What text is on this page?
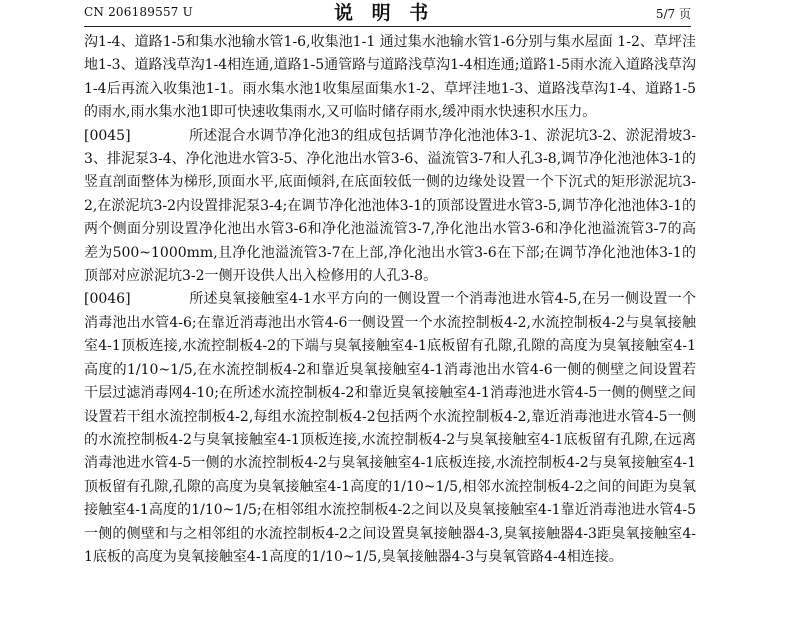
CN 206189557 U	说 明 书	5/7 页

沟1-4、道路1-5和集水池输水管1-6,收集池1-1 通过集水池输水管1-6分别与集水屋面 1-2、草坪洼地1-3、道路浅草沟1-4相连通,道路1-5通管路与道路浅草沟1-4相连通;道路1-5雨水流入道路浅草沟1-4后再流入收集池1-1。雨水集水池1收集屋面集水1-2、草坪洼地1-3、道路浅草沟1-4、道路1-5的雨水,雨水集水池1即可快速收集雨水,又可临时储存雨水,缓冲雨水快速积水压力。

[0045]	所述混合水调节净化池3的组成包括调节净化池池体3-1、淤泥坑3-2、淤泥滑坡3-3、排泥泵3-4、净化池进水管3-5、净化池出水管3-6、溢流管3-7和人孔3-8,调节净化池池体3-1的竖直剖面整体为梯形,顶面水平,底面倾斜,在底面较低一侧的边缘处设置一个下沉式的矩形淤泥坑3-2,在淤泥坑3-2内设置排泥泵3-4;在调节净化池池体3-1的顶部设置进水管3-5,调节净化池池体3-1的两个侧面分别设置净化池出水管3-6和净化池溢流管3-7,净化池出水管3-6和净化池溢流管3-7的高差为500~1000mm,且净化池溢流管3-7在上部,净化池出水管3-6在下部;在调节净化池池体3-1的顶部对应淤泥坑3-2一侧开设供人出入检修用的人孔3-8。

[0046]	所述臭氧接触室4-1水平方向的一侧设置一个消毒池进水管4-5,在另一侧设置一个消毒池出水管4-6;在靠近消毒池出水管4-6一侧设置一个水流控制板4-2,水流控制板4-2与臭氧接触室4-1顶板连接,水流控制板4-2的下端与臭氧接触室4-1底板留有孔隙,孔隙的高度为臭氧接触室4-1高度的1/10~1/5,在水流控制板4-2和靠近臭氧接触室4-1消毒池出水管4-6一侧的侧壁之间设置若干层过滤消毒网4-10;在所述水流控制板4-2和靠近臭氧接触室4-1消毒池进水管4-5一侧的侧壁之间设置若干组水流控制板4-2,每组水流控制板4-2包括两个水流控制板4-2,靠近消毒池进水管4-5一侧的水流控制板4-2与臭氧接触室4-1顶板连接,水流控制板4-2与臭氧接触室4-1底板留有孔隙,在远离消毒池进水管4-5一侧的水流控制板4-2与臭氧接触室4-1底板连接,水流控制板4-2与臭氧接触室4-1顶板留有孔隙,孔隙的高度为臭氧接触室4-1高度的1/10~1/5,相邻水流控制板4-2之间的间距为臭氧接触室4-1高度的1/10~1/5;在相邻组水流控制板4-2之间以及臭氧接触室4-1靠近消毒池进水管4-5一侧的侧壁和与之相邻组的水流控制板4-2之间设置臭氧接触器4-3,臭氧接触器4-3距臭氧接触室4-1底板的高度为臭氧接触室4-1高度的1/10~1/5,臭氧接触器4-3与臭氧管路4-4相连接。
